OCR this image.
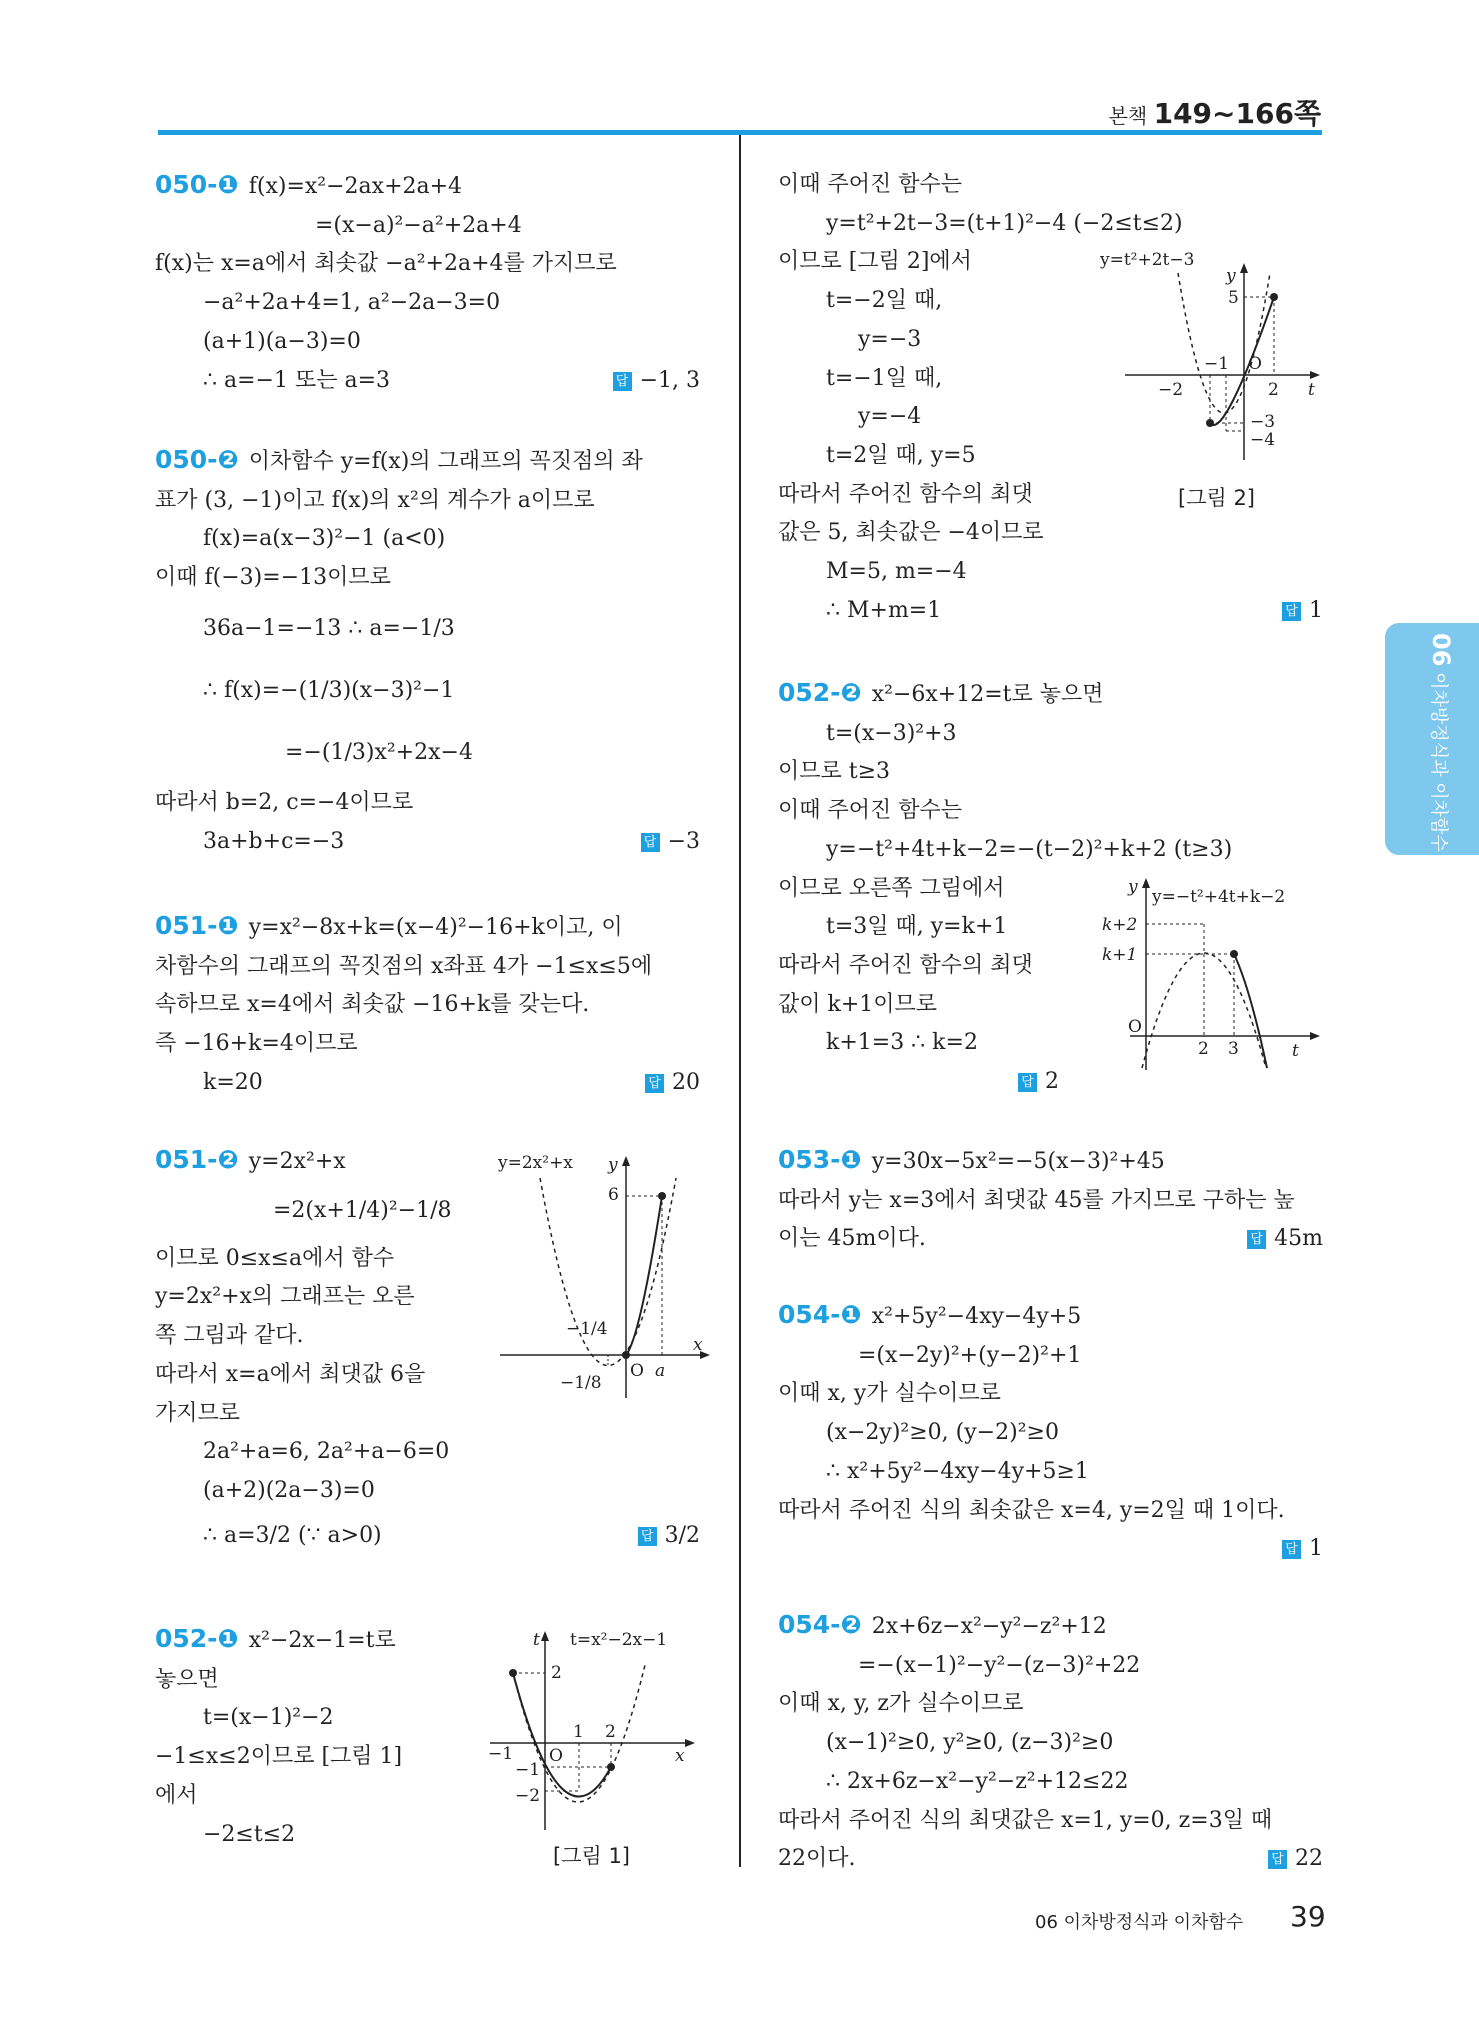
본책 149~166쪽
06 이차방정식과 이차함수
050-❶ f(x)=x²−2ax+2a+4
=(x−a)²−a²+2a+4
f(x)는 x=a에서 최솟값 −a²+2a+4를 가지므로
−a²+2a+4=1, a²−2a−3=0
(a+1)(a−3)=0
∴ a=−1 또는 a=3	답 −1, 3
050-❷ 이차함수 y=f(x)의 그래프의 꼭짓점의 좌
표가 (3, −1)이고 f(x)의 x²의 계수가 a이므로
f(x)=a(x−3)²−1 (a<0)
이때 f(−3)=−13이므로
36a−1=−13 ∴ a=−1/3
∴ f(x)=−(1/3)(x−3)²−1
=−(1/3)x²+2x−4
따라서 b=2, c=−4이므로
3a+b+c=−3	답 −3
051-❶ y=x²−8x+k=(x−4)²−16+k이고, 이
차함수의 그래프의 꼭짓점의 x좌표 4가 −1≤x≤5에
속하므로 x=4에서 최솟값 −16+k를 갖는다.
즉 −16+k=4이므로
k=20	답 20
051-❷ y=2x²+x
=2(x+1/4)²−1/8
이므로 0≤x≤a에서 함수
y=2x²+x의 그래프는 오른
쪽 그림과 같다.
따라서 x=a에서 최댓값 6을
가지므로
2a²+a=6, 2a²+a−6=0
(a+2)(2a−3)=0
∴ a=3/2 (∵ a>0)	답 3/2
y=2x²+x y
x
6
O a
−1/4
−1/8
052-❶ x²−2x−1=t로
놓으면
t=(x−1)²−2
−1≤x≤2이므로 [그림 1]
에서
−2≤t≤2
t t=x²−2x−1
x
2
1 2
−1 O
−1
−2
[그림 1]
이때 주어진 함수는
y=t²+2t−3=(t+1)²−4 (−2≤t≤2)
이므로 [그림 2]에서
t=−2일 때,
y=−3
t=−1일 때,
y=−4
t=2일 때, y=5
따라서 주어진 함수의 최댓
값은 5, 최솟값은 −4이므로
M=5, m=−4
∴ M+m=1	답 1
y=t²+2t−3
y
t
5
−1 O
−2	2
−3
−4
[그림 2]
052-❷ x²−6x+12=t로 놓으면
t=(x−3)²+3
이므로 t≥3
이때 주어진 함수는
y=−t²+4t+k−2=−(t−2)²+k+2 (t≥3)
이므로 오른쪽 그림에서
t=3일 때, y=k+1
따라서 주어진 함수의 최댓
값이 k+1이므로
k+1=3 ∴ k=2
답 2
y y=−t²+4t+k−2
t
k+2
k+1
O
2 3
053-❶ y=30x−5x²=−5(x−3)²+45
따라서 y는 x=3에서 최댓값 45를 가지므로 구하는 높
이는 45m이다.	답 45m
054-❶ x²+5y²−4xy−4y+5
=(x−2y)²+(y−2)²+1
이때 x, y가 실수이므로
(x−2y)²≥0, (y−2)²≥0
∴ x²+5y²−4xy−4y+5≥1
따라서 주어진 식의 최솟값은 x=4, y=2일 때 1이다.
답 1
054-❷ 2x+6z−x²−y²−z²+12
=−(x−1)²−y²−(z−3)²+22
이때 x, y, z가 실수이므로
(x−1)²≥0, y²≥0, (z−3)²≥0
∴ 2x+6z−x²−y²−z²+12≤22
따라서 주어진 식의 최댓값은 x=1, y=0, z=3일 때
22이다.	답 22
06 이차방정식과 이차함수 39
